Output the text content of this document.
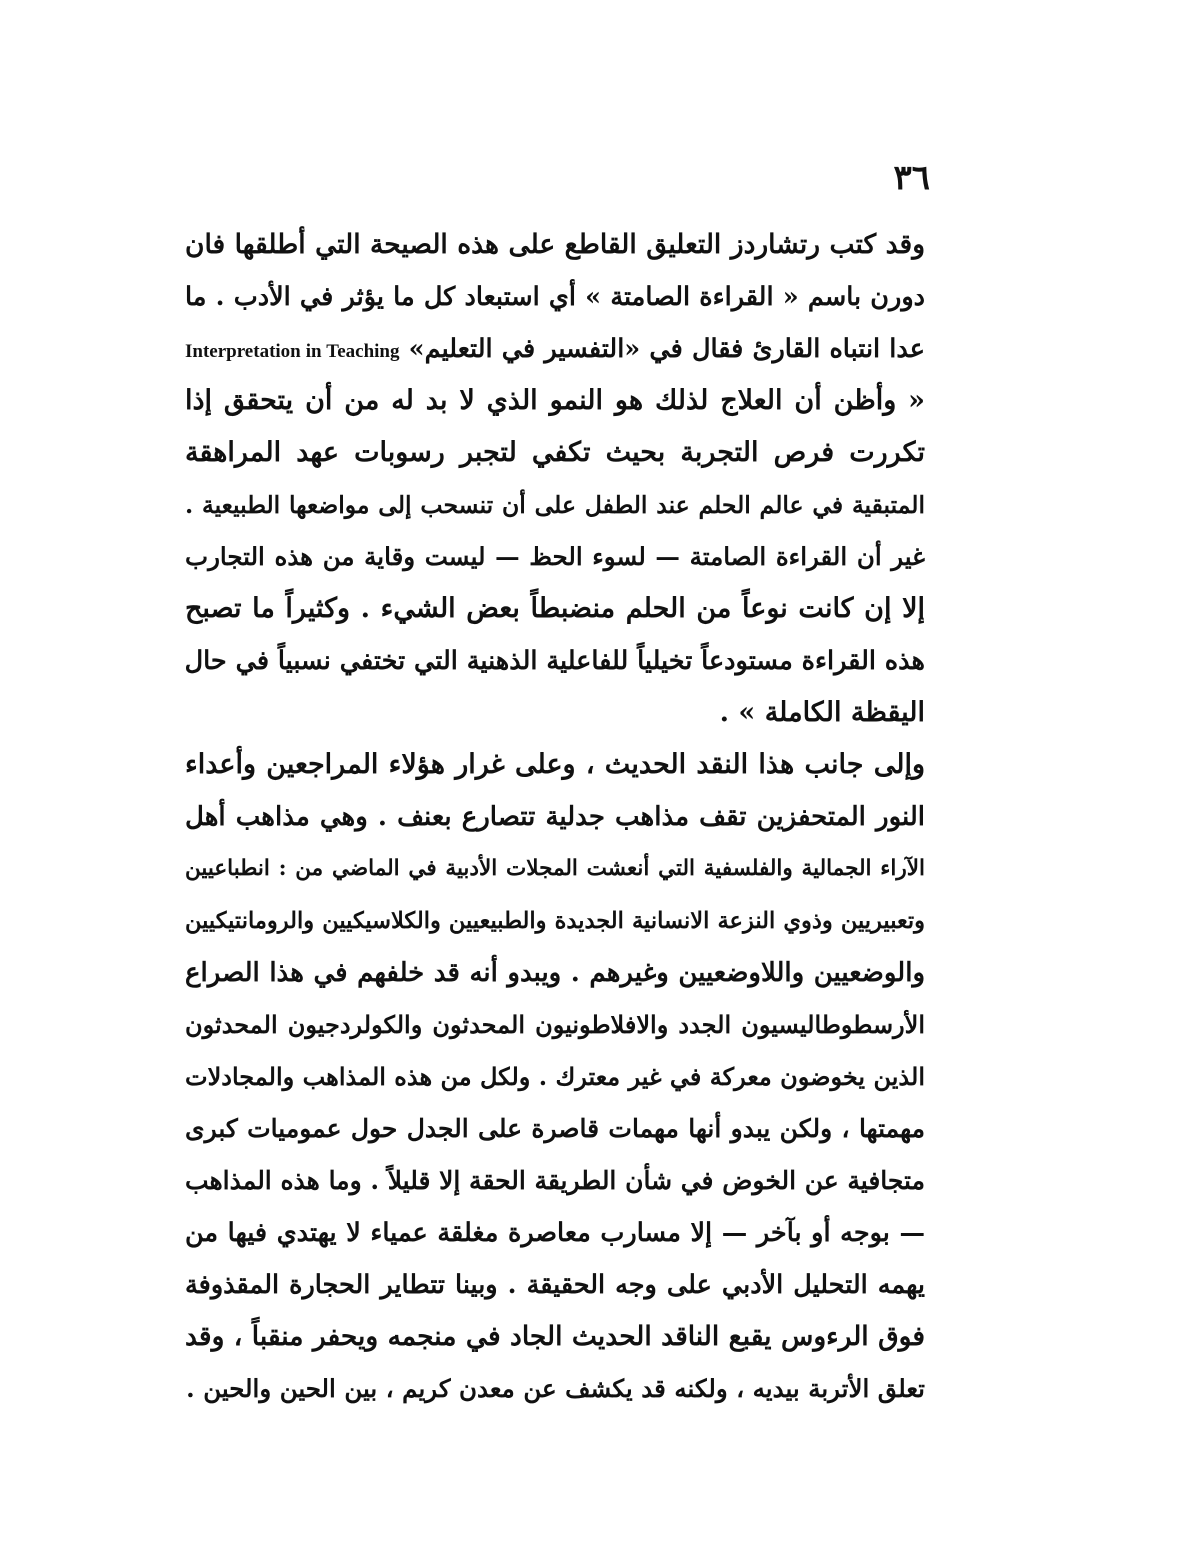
٣٦
وقد كتب رتشاردز التعليق القاطع على هذه الصيحة التي أطلقها فان
دورن باسم « القراءة الصامتة » أي استبعاد كل ما يؤثر في الأدب . ما
عدا انتباه القارئ فقال في «التفسير في التعليم» Interpretation in Teaching
« وأظن أن العلاج لذلك هو النمو الذي لا بد له من أن يتحقق إذا
تكررت فرص التجربة بحيث تكفي لتجبر رسوبات عهد المراهقة
المتبقية في عالم الحلم عند الطفل على أن تنسحب إلى مواضعها الطبيعية .
غير أن القراءة الصامتة — لسوء الحظ — ليست وقاية من هذه التجارب
إلا إن كانت نوعاً من الحلم منضبطاً بعض الشيء . وكثيراً ما تصبح
هذه القراءة مستودعاً تخيلياً للفاعلية الذهنية التي تختفي نسبياً في حال
اليقظة الكاملة » .
وإلى جانب هذا النقد الحديث ، وعلى غرار هؤلاء المراجعين وأعداء
النور المتحفزين تقف مذاهب جدلية تتصارع بعنف . وهي مذاهب أهل
الآراء الجمالية والفلسفية التي أنعشت المجلات الأدبية في الماضي من : انطباعيين
وتعبيريين وذوي النزعة الانسانية الجديدة والطبيعيين والكلاسيكيين والرومانتيكيين
والوضعيين واللاوضعيين وغيرهم . ويبدو أنه قد خلفهم في هذا الصراع
الأرسطوطاليسيون الجدد والافلاطونيون المحدثون والكولردجيون المحدثون
الذين يخوضون معركة في غير معترك . ولكل من هذه المذاهب والمجادلات
مهمتها ، ولكن يبدو أنها مهمات قاصرة على الجدل حول عموميات كبرى
متجافية عن الخوض في شأن الطريقة الحقة إلا قليلاً . وما هذه المذاهب
— بوجه أو بآخر — إلا مسارب معاصرة مغلقة عمياء لا يهتدي فيها من
يهمه التحليل الأدبي على وجه الحقيقة . وبينا تتطاير الحجارة المقذوفة
فوق الرءوس يقبع الناقد الحديث الجاد في منجمه ويحفر منقباً ، وقد
تعلق الأتربة بيديه ، ولكنه قد يكشف عن معدن كريم ، بين الحين والحين .
